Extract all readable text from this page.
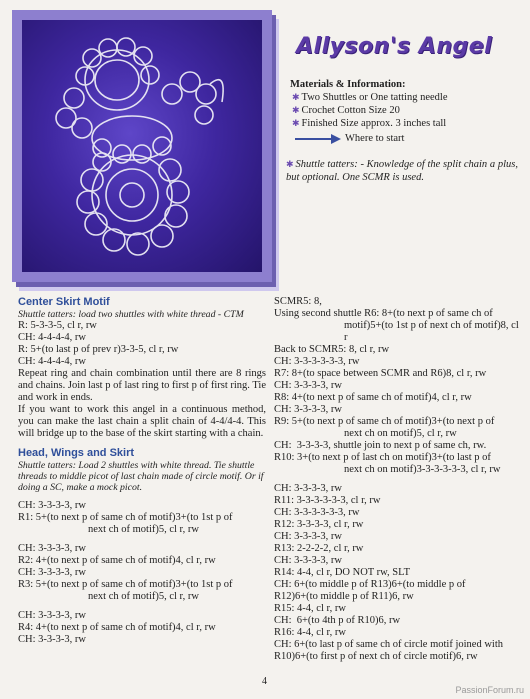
Allyson's Angel
Materials & Information:
✱ Two Shuttles or One tatting needle
✱ Crochet Cotton Size 20
✱ Finished Size approx. 3 inches tall
Where to start
✱ Shuttle tatters: - Knowledge of the split chain a plus, but optional. One SCMR is used.
Center Skirt Motif
Shuttle tatters: load two shuttles with white thread - CTM
R: 5-3-3-5, cl r, rw
CH: 4-4-4-4, rw
R: 5+(to last p of prev r)3-3-5, cl r, rw
CH: 4-4-4-4, rw
Repeat ring and chain combination until there are 8 rings and chains. Join last p of last ring to first p of first ring. Tie and work in ends.
If you want to work this angel in a continuous method, you can make the last chain a split chain of 4-4/4-4. This will bridge up to the base of the skirt starting with a chain.
Head, Wings and Skirt
Shuttle tatters: Load 2 shuttles with white thread. Tie shuttle threads to middle picot of last chain made of circle motif. Or if doing a SC, make a mock picot.
CH: 3-3-3-3, rw
R1: 5+(to next p of same ch of motif)3+(to 1st p of
next ch of motif)5, cl r, rw
CH: 3-3-3-3, rw
R2: 4+(to next p of same ch of motif)4, cl r, rw
CH: 3-3-3-3, rw
R3: 5+(to next p of same ch of motif)3+(to 1st p of
next ch of motif)5, cl r, rw
CH: 3-3-3-3, rw
R4: 4+(to next p of same ch of motif)4, cl r, rw
CH: 3-3-3-3, rw
SCMR5: 8,
Using second shuttle R6: 8+(to next p of same ch of
motif)5+(to 1st p of next ch of motif)8, cl r
Back to SCMR5: 8, cl r, rw
CH: 3-3-3-3-3-3, rw
R7: 8+(to space between SCMR and R6)8, cl r, rw
CH: 3-3-3-3, rw
R8: 4+(to next p of same ch of motif)4, cl r, rw
CH: 3-3-3-3, rw
R9: 5+(to next p of same ch of motif)3+(to next p of
next ch on motif)5, cl r, rw
CH:  3-3-3-3, shuttle join to next p of same ch, rw.
R10: 3+(to next p of last ch on motif)3+(to last p of
next ch on motif)3-3-3-3-3-3, cl r, rw
CH: 3-3-3-3, rw
R11: 3-3-3-3-3-3, cl r, rw
CH: 3-3-3-3-3-3, rw
R12: 3-3-3-3, cl r, rw
CH: 3-3-3-3, rw
R13: 2-2-2-2, cl r, rw
CH: 3-3-3-3, rw
R14: 4-4, cl r, DO NOT rw, SLT
CH: 6+(to middle p of R13)6+(to middle p of
R12)6+(to middle p of R11)6, rw
R15: 4-4, cl r, rw
CH:  6+(to 4th p of R10)6, rw
R16: 4-4, cl r, rw
CH: 6+(to last p of same ch of circle motif joined with
R10)6+(to first p of next ch of circle motif)6, rw
4
PassionForum.ru
